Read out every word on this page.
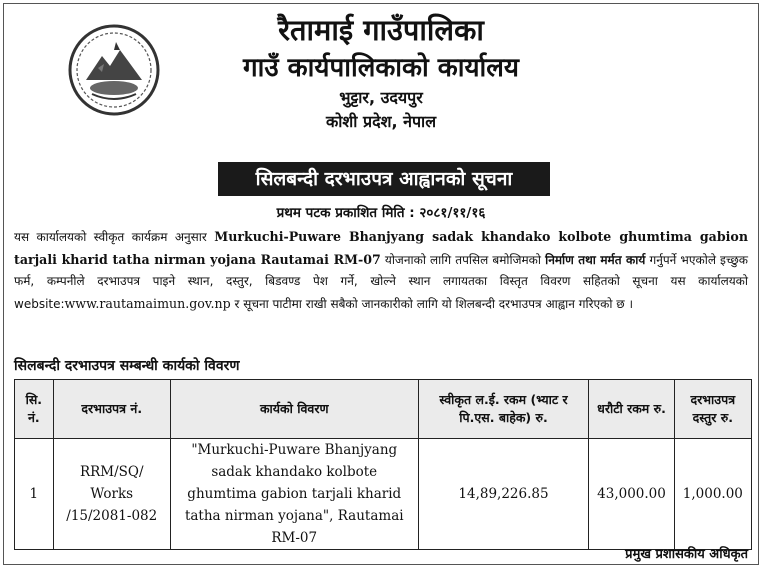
रैतामाई गाउँपालिका
गाउँ कार्यपालिकाको कार्यालय
भुट्टार, उदयपुर
कोशी प्रदेश, नेपाल
सिलबन्दी दरभाउपत्र आह्वानको सूचना
प्रथम पटक प्रकाशित मिति : २०८१/११/१६
यस कार्यालयको स्वीकृत कार्यक्रम अनुसार Murkuchi-Puware Bhanjyang sadak khandako kolbote ghumtima gabion tarjali kharid tatha nirman yojana Rautamai RM-07 योजनाको लागि तपसिल बमोजिमको निर्माण तथा मर्मत कार्य गर्नुपर्ने भएकोले इच्छुक फर्म, कम्पनीले दरभाउपत्र पाइने स्थान, दस्तुर, बिडवण्ड पेश गर्ने, खोल्ने स्थान लगायतका विस्तृत विवरण सहितको सूचना यस कार्यालयको website:www.rautamaimun.gov.np र सूचना पाटीमा राखी सबैको जानकारीको लागि यो शिलबन्दी दरभाउपत्र आह्वान गरिएको छ ।
सिलबन्दी दरभाउपत्र सम्बन्धी कार्यको विवरण
सि. नं.	दरभाउपत्र नं.	कार्यको विवरण	स्वीकृत ल.ई. रकम (भ्याट र पि.एस. बाहेक) रु.	धरौटी रकम रु.	दरभाउपत्र दस्तुर रु.
1	RRM/SQ/ Works /15/2081-082	"Murkuchi-Puware Bhanjyang sadak khandako kolbote ghumtima gabion tarjali kharid tatha nirman yojana", Rautamai RM-07	14,89,226.85	43,000.00	1,000.00
प्रमुख प्रशासकीय अधिकृत
